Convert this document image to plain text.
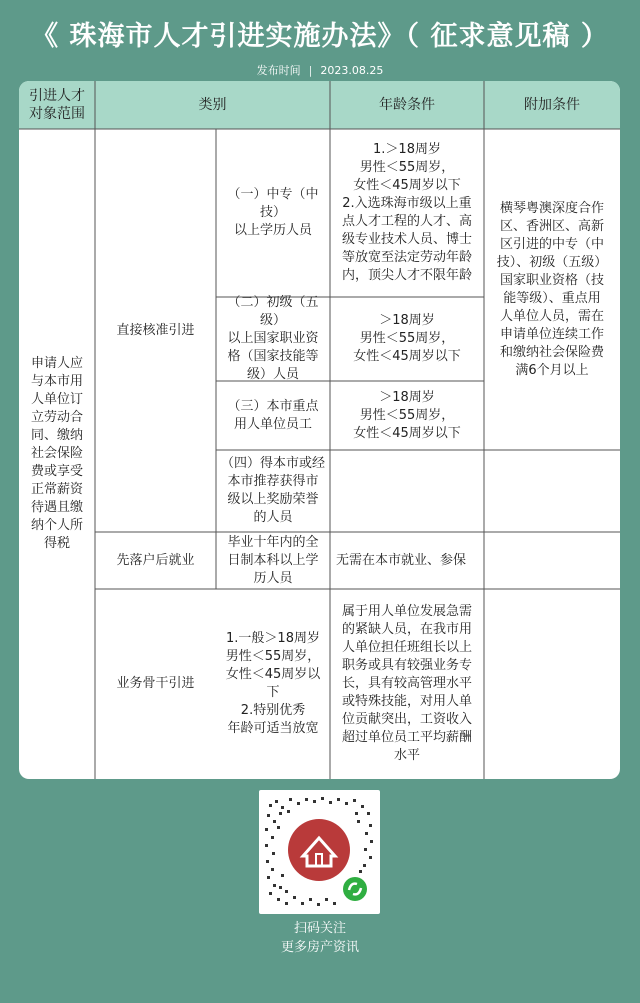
《 珠海市人才引进实施办法》（ 征求意见稿 ）
发布时间 | 2023.08.25
引进人才
对象范围
类别	年龄条件	附加条件
申请人应
与本市用
人单位订
立劳动合
同、缴纳
社会保险
费或享受
正常薪资
待遇且缴
纳个人所
得税
直接核准引进
（一）中专（中技）
以上学历人员
1.＞18周岁
男性＜55周岁，
女性＜45周岁以下
2.入选珠海市级以上重
点人才工程的人才、高
级专业技术人员、博士
等放宽至法定劳动年龄
内，顶尖人才不限年龄
（二）初级（五级）
以上国家职业资
格（国家技能等
级）人员
＞18周岁
男性＜55周岁，
女性＜45周岁以下
（三）本市重点
用人单位员工
＞18周岁
男性＜55周岁，
女性＜45周岁以下
（四）得本市或经
本市推荐获得市
级以上奖励荣誉
的人员
横琴粤澳深度合作
区、香洲区、高新
区引进的中专（中
技）、初级（五级）
国家职业资格（技
能等级）、重点用
人单位人员，需在
申请单位连续工作
和缴纳社会保险费
满6个月以上
先落户后就业
毕业十年内的全
日制本科以上学
历人员
无需在本市就业、参保
业务骨干引进
1.一般＞18周岁
男性＜55周岁，
女性＜45周岁以下
2.特别优秀
年龄可适当放宽
属于用人单位发展急需
的紧缺人员，在我市用
人单位担任班组长以上
职务或具有较强业务专
长，具有较高管理水平
或特殊技能，对用人单
位贡献突出，工资收入
超过单位员工平均薪酬
水平
扫码关注
更多房产资讯
